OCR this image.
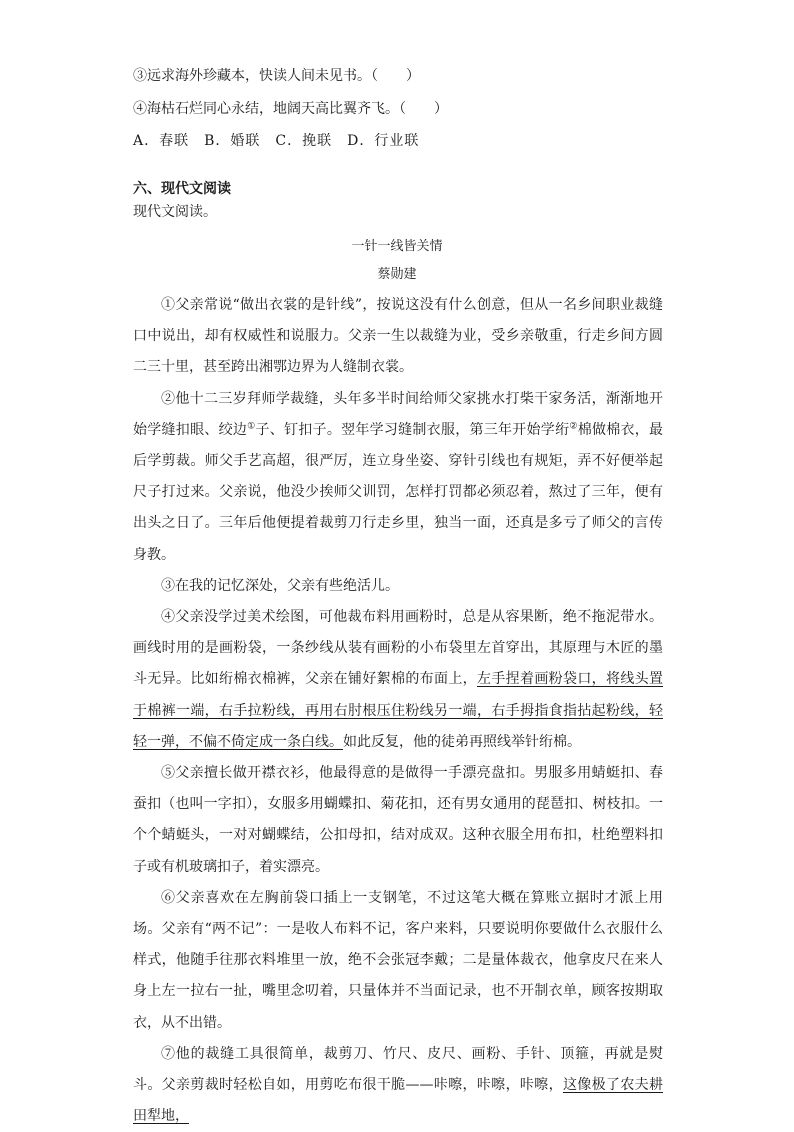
③远求海外珍藏本，快读人间未见书。（　　）
④海枯石烂同心永结，地阔天高比翼齐飞。（　　）
A．春联　B．婚联　C．挽联　D．行业联
六、现代文阅读
现代文阅读。
一针一线皆关情
蔡勋建

①父亲常说“做出衣裳的是针线”，按说这没有什么创意，但从一名乡间职业裁缝口中说出，却有权威性和说服力。父亲一生以裁缝为业，受乡亲敬重，行走乡间方圆二三十里，甚至跨出湘鄂边界为人缝制衣裳。

②他十二三岁拜师学裁缝，头年多半时间给师父家挑水打柴干家务活，渐渐地开始学缝扣眼、绞边①子、钉扣子。翌年学习缝制衣服，第三年开始学绗②棉做棉衣，最后学剪裁。师父手艺高超，很严厉，连立身坐姿、穿针引线也有规矩，弄不好便举起尺子打过来。父亲说，他没少挨师父训罚，怎样打罚都必须忍着，熬过了三年，便有出头之日了。三年后他便提着裁剪刀行走乡里，独当一面，还真是多亏了师父的言传身教。

③在我的记忆深处，父亲有些绝活儿。

④父亲没学过美术绘图，可他裁布料用画粉时，总是从容果断，绝不拖泥带水。画线时用的是画粉袋，一条纱线从装有画粉的小布袋里左首穿出，其原理与木匠的墨斗无异。比如绗棉衣棉裤，父亲在铺好絮棉的布面上，左手捏着画粉袋口，将线头置于棉裤一端，右手拉粉线，再用右肘根压住粉线另一端，右手拇指食指拈起粉线，轻轻一弹，不偏不倚定成一条白线。如此反复，他的徒弟再照线举针绗棉。

⑤父亲擅长做开襟衣衫，他最得意的是做得一手漂亮盘扣。男服多用蜻蜓扣、春蚕扣（也叫一字扣），女服多用蝴蝶扣、菊花扣，还有男女通用的琵琶扣、树枝扣。一个个蜻蜓头，一对对蝴蝶结，公扣母扣，结对成双。这种衣服全用布扣，杜绝塑料扣子或有机玻璃扣子，着实漂亮。

⑥父亲喜欢在左胸前袋口插上一支钢笔，不过这笔大概在算账立据时才派上用场。父亲有“两不记”：一是收人布料不记，客户来料，只要说明你要做什么衣服什么样式，他随手往那衣料堆里一放，绝不会张冠李戴；二是量体裁衣，他拿皮尺在来人身上左一拉右一扯，嘴里念叨着，只量体并不当面记录，也不开制衣单，顾客按期取衣，从不出错。

⑦他的裁缝工具很简单，裁剪刀、竹尺、皮尺、画粉、手针、顶箍，再就是熨斗。父亲剪裁时轻松自如，用剪吃布很干脆——咔嚓，咔嚓，咔嚓，这像极了农夫耕田犁地，
